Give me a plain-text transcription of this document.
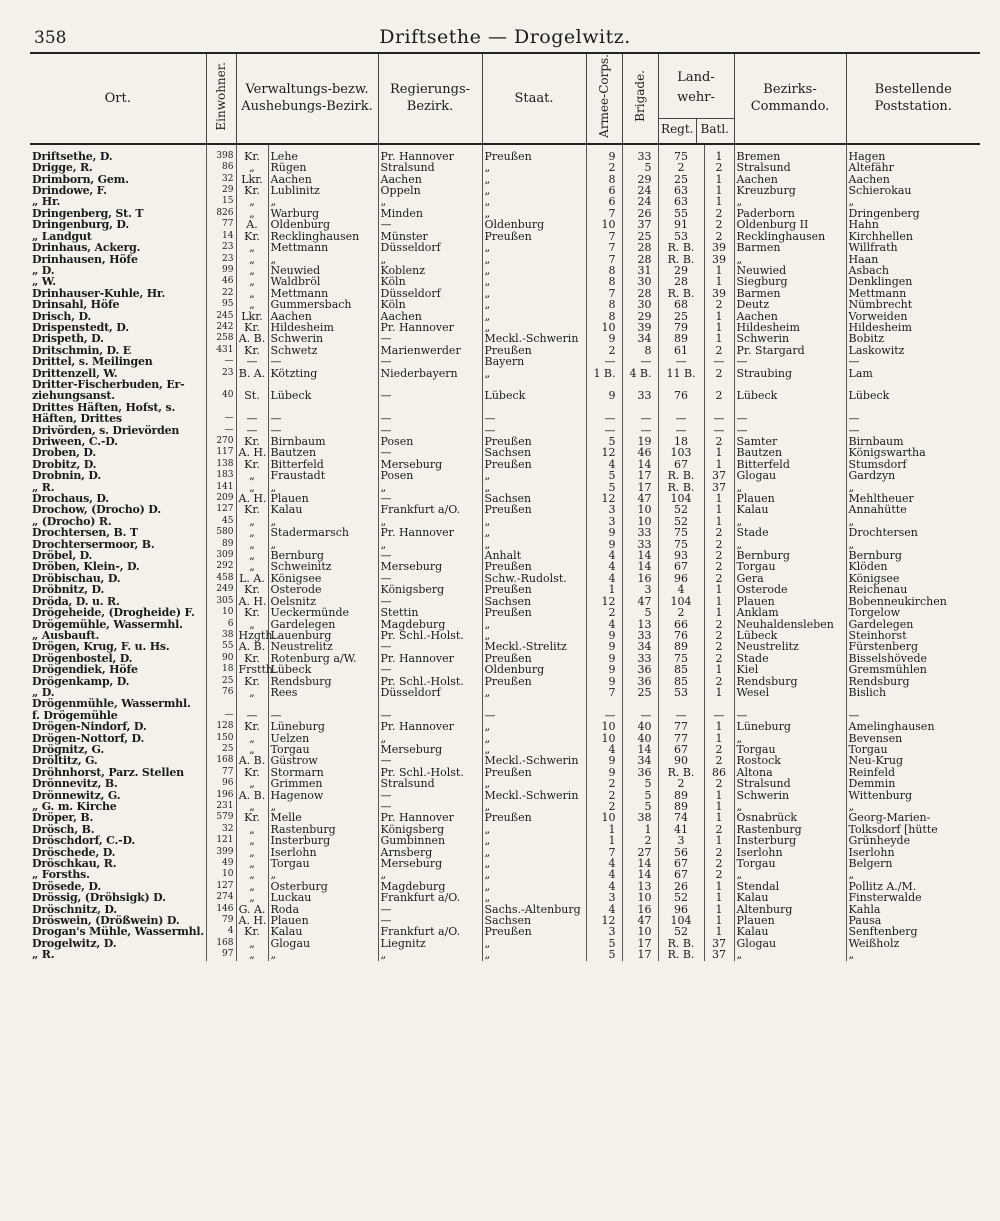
358	Driftsethe — Drogelwitz.
Ort.	Einwohner.	Verwaltungs-bezw. Aushebungs-Bezirk.		Regierungs-Bezirk.	Staat.	Armee-Corps.	Brigade.	Land-wehr-
Regt. Batl.		Bezirks-Commando.	Bestellende Poststation.
Driftsethe, D.	398	Kr.	Lehe	Pr. Hannover	Preußen	9	33	75	1	Bremen	Hagen
Drigge, R.	86	„	Rügen	Stralsund	„	2	5	2	2	Stralsund	Altefähr
Drimborn, Gem.	32	Lkr.	Aachen	Aachen	„	8	29	25	1	Aachen	Aachen
Drindowe, F.	29	Kr.	Lublinitz	Oppeln	„	6	24	63	1	Kreuzburg	Schierokau
„ Hr.	15	„	„	„	„	6	24	63	1	„	„
Dringenberg, St. T	826	„	Warburg	Minden	„	7	26	55	2	Paderborn	Dringenberg
Dringenburg, D.	77	A.	Oldenburg	—	Oldenburg	10	37	91	2	Oldenburg II	Hahn
„ Landgut	14	Kr.	Recklinghausen	Münster	Preußen	7	25	53	2	Recklinghausen	Kirchhellen
Drinhaus, Ackerg.	23	„	Mettmann	Düsseldorf	„	7	28	R. B.	39	Barmen	Willfrath
Drinhausen, Höfe	23	„	„	„	„	7	28	R. B.	39	„	Haan
„ D.	99	„	Neuwied	Koblenz	„	8	31	29	1	Neuwied	Asbach
„ W.	46	„	Waldbröl	Köln	„	8	30	28	1	Siegburg	Denklingen
Drinhauser-Kuhle, Hr.	22	„	Mettmann	Düsseldorf	„	7	28	R. B.	39	Barmen	Mettmann
Drinsahl, Höfe	95	„	Gummersbach	Köln	„	8	30	68	2	Deutz	Nümbrecht
Drisch, D.	245	Lkr.	Aachen	Aachen	„	8	29	25	1	Aachen	Vorweiden
Drispenstedt, D.	242	Kr.	Hildesheim	Pr. Hannover	„	10	39	79	1	Hildesheim	Hildesheim
Drispeth, D.	258	A. B.	Schwerin	—	Meckl.-Schwerin	9	34	89	1	Schwerin	Bobitz
Dritschmin, D. E	431	Kr.	Schwetz	Marienwerder	Preußen	2	8	61	2	Pr. Stargard	Laskowitz
Drittel, s. Meilingen	—	—	—	—	Bayern	—	—	—	—	—	—
Drittenzell, W.	23	B. A.	Kötzting	Niederbayern	„	1 B.	4 B.	11 B.	2	Straubing	Lam
Dritter-Fischerbuden, Er-											
ziehungsanst.	40	St.	Lübeck	—	Lübeck	9	33	76	2	Lübeck	Lübeck
Drittes Häften, Hofst, s.											
Häften, Drittes	—	—	—	—	—	—	—	—	—	—	—
Drivörden, s. Drievörden	—	—	—	—	—	—	—	—	—	—	—
Driween, C.-D.	270	Kr.	Birnbaum	Posen	Preußen	5	19	18	2	Samter	Birnbaum
Droben, D.	117	A. H.	Bautzen	—	Sachsen	12	46	103	1	Bautzen	Königswartha
Drobitz, D.	138	Kr.	Bitterfeld	Merseburg	Preußen	4	14	67	1	Bitterfeld	Stumsdorf
Drobnin, D.	183	„	Fraustadt	Posen	„	5	17	R. B.	37	Glogau	Gardzyn
„ R.	141	„	„	„	„	5	17	R. B.	37	„	„
Drochaus, D.	209	A. H.	Plauen	—	Sachsen	12	47	104	1	Plauen	Mehltheuer
Drochow, (Drocho) D.	127	Kr.	Kalau	Frankfurt a/O.	Preußen	3	10	52	1	Kalau	Annahütte
„ (Drocho) R.	45	„	„	„	„	3	10	52	1	„	„
Drochtersen, B. T	580	„	Stadermarsch	Pr. Hannover	„	9	33	75	2	Stade	Drochtersen
Drochtersermoor, B.	89	„	„	„	„	9	33	75	2	„	„
Dröbel, D.	309	„	Bernburg	—	Anhalt	4	14	93	2	Bernburg	Bernburg
Dröben, Klein-, D.	292	„	Schweinitz	Merseburg	Preußen	4	14	67	2	Torgau	Klöden
Dröbischau, D.	458	L. A.	Königsee	—	Schw.-Rudolst.	4	16	96	2	Gera	Königsee
Dröbnitz, D.	249	Kr.	Osterode	Königsberg	Preußen	1	3	4	1	Osterode	Reichenau
Dröda, D. u. R.	305	A. H.	Oelsnitz	—	Sachsen	12	47	104	1	Plauen	Bobenneukirchen
Drögeheide, (Drogheide) F.	10	Kr.	Ueckermünde	Stettin	Preußen	2	5	2	1	Anklam	Torgelow
Drögemühle, Wassermhl.	6	„	Gardelegen	Magdeburg	„	4	13	66	2	Neuhaldensleben	Gardelegen
„ Ausbauft.	38	Hzgth.	Lauenburg	Pr. Schl.-Holst.	„	9	33	76	2	Lübeck	Steinhorst
Drögen, Krug, F. u. Hs.	55	A. B.	Neustrelitz	—	Meckl.-Strelitz	9	34	89	2	Neustrelitz	Fürstenberg
Drögenbostel, D.	90	Kr.	Rotenburg a/W.	Pr. Hannover	Preußen	9	33	75	2	Stade	Bisselshövede
Drögendiek, Höfe	18	Frstth.	Lübeck	—	Oldenburg	9	36	85	1	Kiel	Gremsmühlen
Drögenkamp, D.	25	Kr.	Rendsburg	Pr. Schl.-Holst.	Preußen	9	36	85	2	Rendsburg	Rendsburg
„ D.	76	„	Rees	Düsseldorf	„	7	25	53	1	Wesel	Bislich
Drögenmühle, Wassermhl.											
f. Drögemühle	—	—	—	—	—	—	—	—	—	—	—
Drögen-Nindorf, D.	128	Kr.	Lüneburg	Pr. Hannover	„	10	40	77	1	Lüneburg	Amelinghausen
Drögen-Nottorf, D.	150	„	Uelzen	„	„	10	40	77	1	„	Bevensen
Drögnitz, G.	25	„	Torgau	Merseburg	„	4	14	67	2	Torgau	Torgau
Dröltitz, G.	168	A. B.	Güstrow	—	Meckl.-Schwerin	9	34	90	2	Rostock	Neu-Krug
Dröhnhorst, Parz. Stellen	77	Kr.	Stormarn	Pr. Schl.-Holst.	Preußen	9	36	R. B.	86	Altona	Reinfeld
Drönnevitz, B.	96	„	Grimmen	Stralsund	„	2	5	2	2	Stralsund	Demmin
Drönnewitz, G.	196	A. B.	Hagenow	—	Meckl.-Schwerin	2	5	89	1	Schwerin	Wittenburg
„ G. m. Kirche	231	„	„	—	„	2	5	89	1	„	„
Dröper, B.	579	Kr.	Melle	Pr. Hannover	Preußen	10	38	74	1	Osnabrück	Georg-Marien-
Drösch, B.	32	„	Rastenburg	Königsberg	„	1	1	41	2	Rastenburg	Tolksdorf [hütte
Dröschdorf, C.-D.	121	„	Insterburg	Gumbinnen	„	1	2	3	1	Insterburg	Grünheyde
Dröschede, D.	399	„	Iserlohn	Arnsberg	„	7	27	56	2	Iserlohn	Iserlohn
Dröschkau, R.	49	„	Torgau	Merseburg	„	4	14	67	2	Torgau	Belgern
„ Forsths.	10	„	„	„	„	4	14	67	2	„	„
Drösede, D.	127	„	Osterburg	Magdeburg	„	4	13	26	1	Stendal	Pollitz A./M.
Drössig, (Dröhsigk) D.	274	„	Luckau	Frankfurt a/O.	„	3	10	52	1	Kalau	Finsterwalde
Dröschnitz, D.	146	G. A.	Roda	—	Sachs.-Altenburg	4	16	96	1	Altenburg	Kahla
Dröswein, (Drößwein) D.	79	A. H.	Plauen	—	Sachsen	12	47	104	1	Plauen	Pausa
Drogan's Mühle, Wassermhl.	4	Kr.	Kalau	Frankfurt a/O.	Preußen	3	10	52	1	Kalau	Senftenberg
Drogelwitz, D.	168	„	Glogau	Liegnitz	„	5	17	R. B.	37	Glogau	Weißholz
„ R.	97	„	„	„	„	5	17	R. B.	37	„	„
